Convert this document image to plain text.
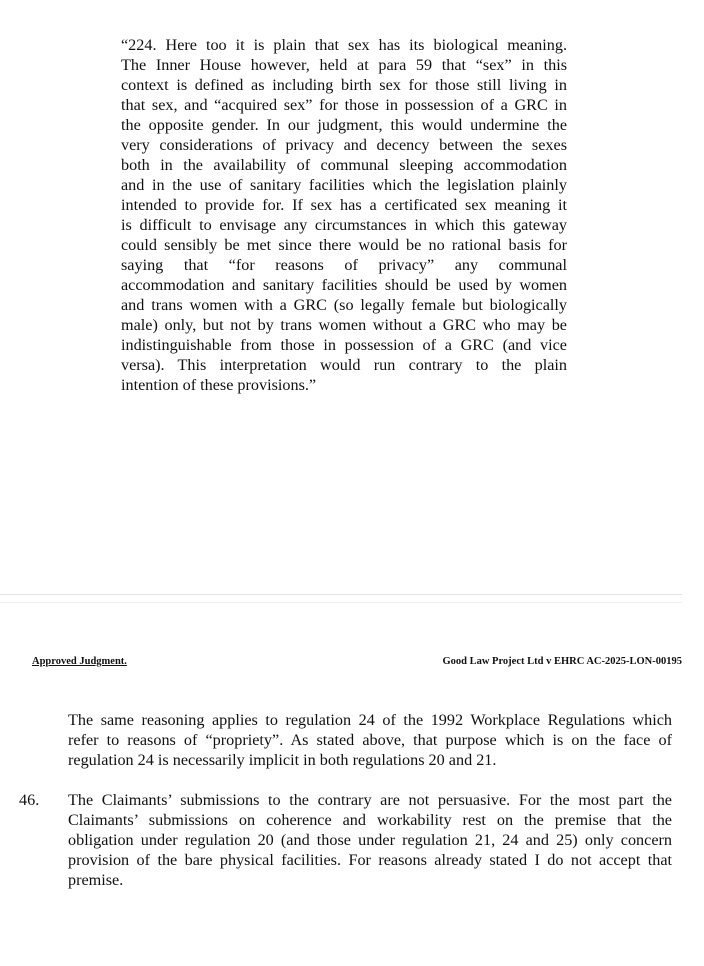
“224. Here too it is plain that sex has its biological meaning.
The Inner House however, held at para 59 that “sex” in this
context is defined as including birth sex for those still living in
that sex, and “acquired sex” for those in possession of a GRC in
the opposite gender. In our judgment, this would undermine the
very considerations of privacy and decency between the sexes
both in the availability of communal sleeping accommodation
and in the use of sanitary facilities which the legislation plainly
intended to provide for. If sex has a certificated sex meaning it
is difficult to envisage any circumstances in which this gateway
could sensibly be met since there would be no rational basis for
saying that “for reasons of privacy” any communal
accommodation and sanitary facilities should be used by women
and trans women with a GRC (so legally female but biologically
male) only, but not by trans women without a GRC who may be
indistinguishable from those in possession of a GRC (and vice
versa). This interpretation would run contrary to the plain
intention of these provisions.”
Approved Judgment.	Good Law Project Ltd v EHRC AC-2025-LON-00195
The same reasoning applies to regulation 24 of the 1992 Workplace Regulations which
refer to reasons of “propriety”. As stated above, that purpose which is on the face of
regulation 24 is necessarily implicit in both regulations 20 and 21.
46. The Claimants’ submissions to the contrary are not persuasive. For the most part the
Claimants’ submissions on coherence and workability rest on the premise that the
obligation under regulation 20 (and those under regulation 21, 24 and 25) only concern
provision of the bare physical facilities. For reasons already stated I do not accept that
premise.
